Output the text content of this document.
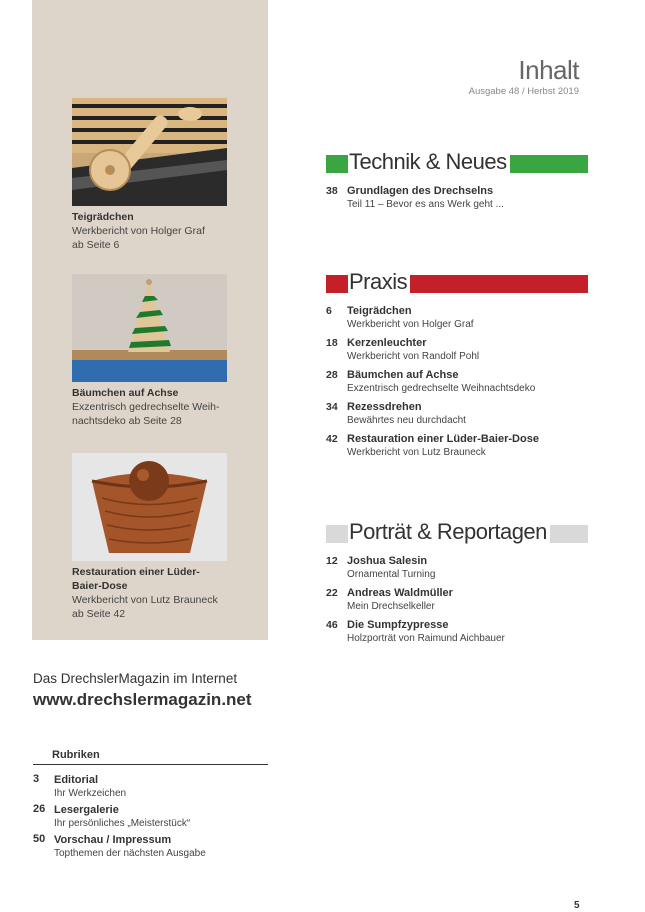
Teigrädchen
Werkbericht von Holger Graf
ab Seite 6
Bäumchen auf Achse
Exzentrisch gedrechselte Weih-
nachtsdeko ab Seite 28
Restauration einer Lüder-
Baier-Dose
Werkbericht von Lutz Brauneck
ab Seite 42
Das DrechslerMagazin im Internet
www.drechslermagazin.net
Rubriken
3 Editorial
Ihr Werkzeichen
26 Lesergalerie
Ihr persönliches „Meisterstück“
50 Vorschau / Impressum
Topthemen der nächsten Ausgabe
Inhalt
Ausgabe 48 / Herbst 2019
Technik & Neues
38 Grundlagen des Drechselns
Teil 11 – Bevor es ans Werk geht ...
Praxis
6 Teigrädchen
Werkbericht von Holger Graf
18 Kerzenleuchter
Werkbericht von Randolf Pohl
28 Bäumchen auf Achse
Exzentrisch gedrechselte Weihnachtsdeko
34 Rezessdrehen
Bewährtes neu durchdacht
42 Restauration einer Lüder-Baier-Dose
Werkbericht von Lutz Brauneck
Porträt & Reportagen
12 Joshua Salesin
Ornamental Turning
22 Andreas Waldmüller
Mein Drechselkeller
46 Die Sumpfzypresse
Holzporträt von Raimund Aichbauer
5
